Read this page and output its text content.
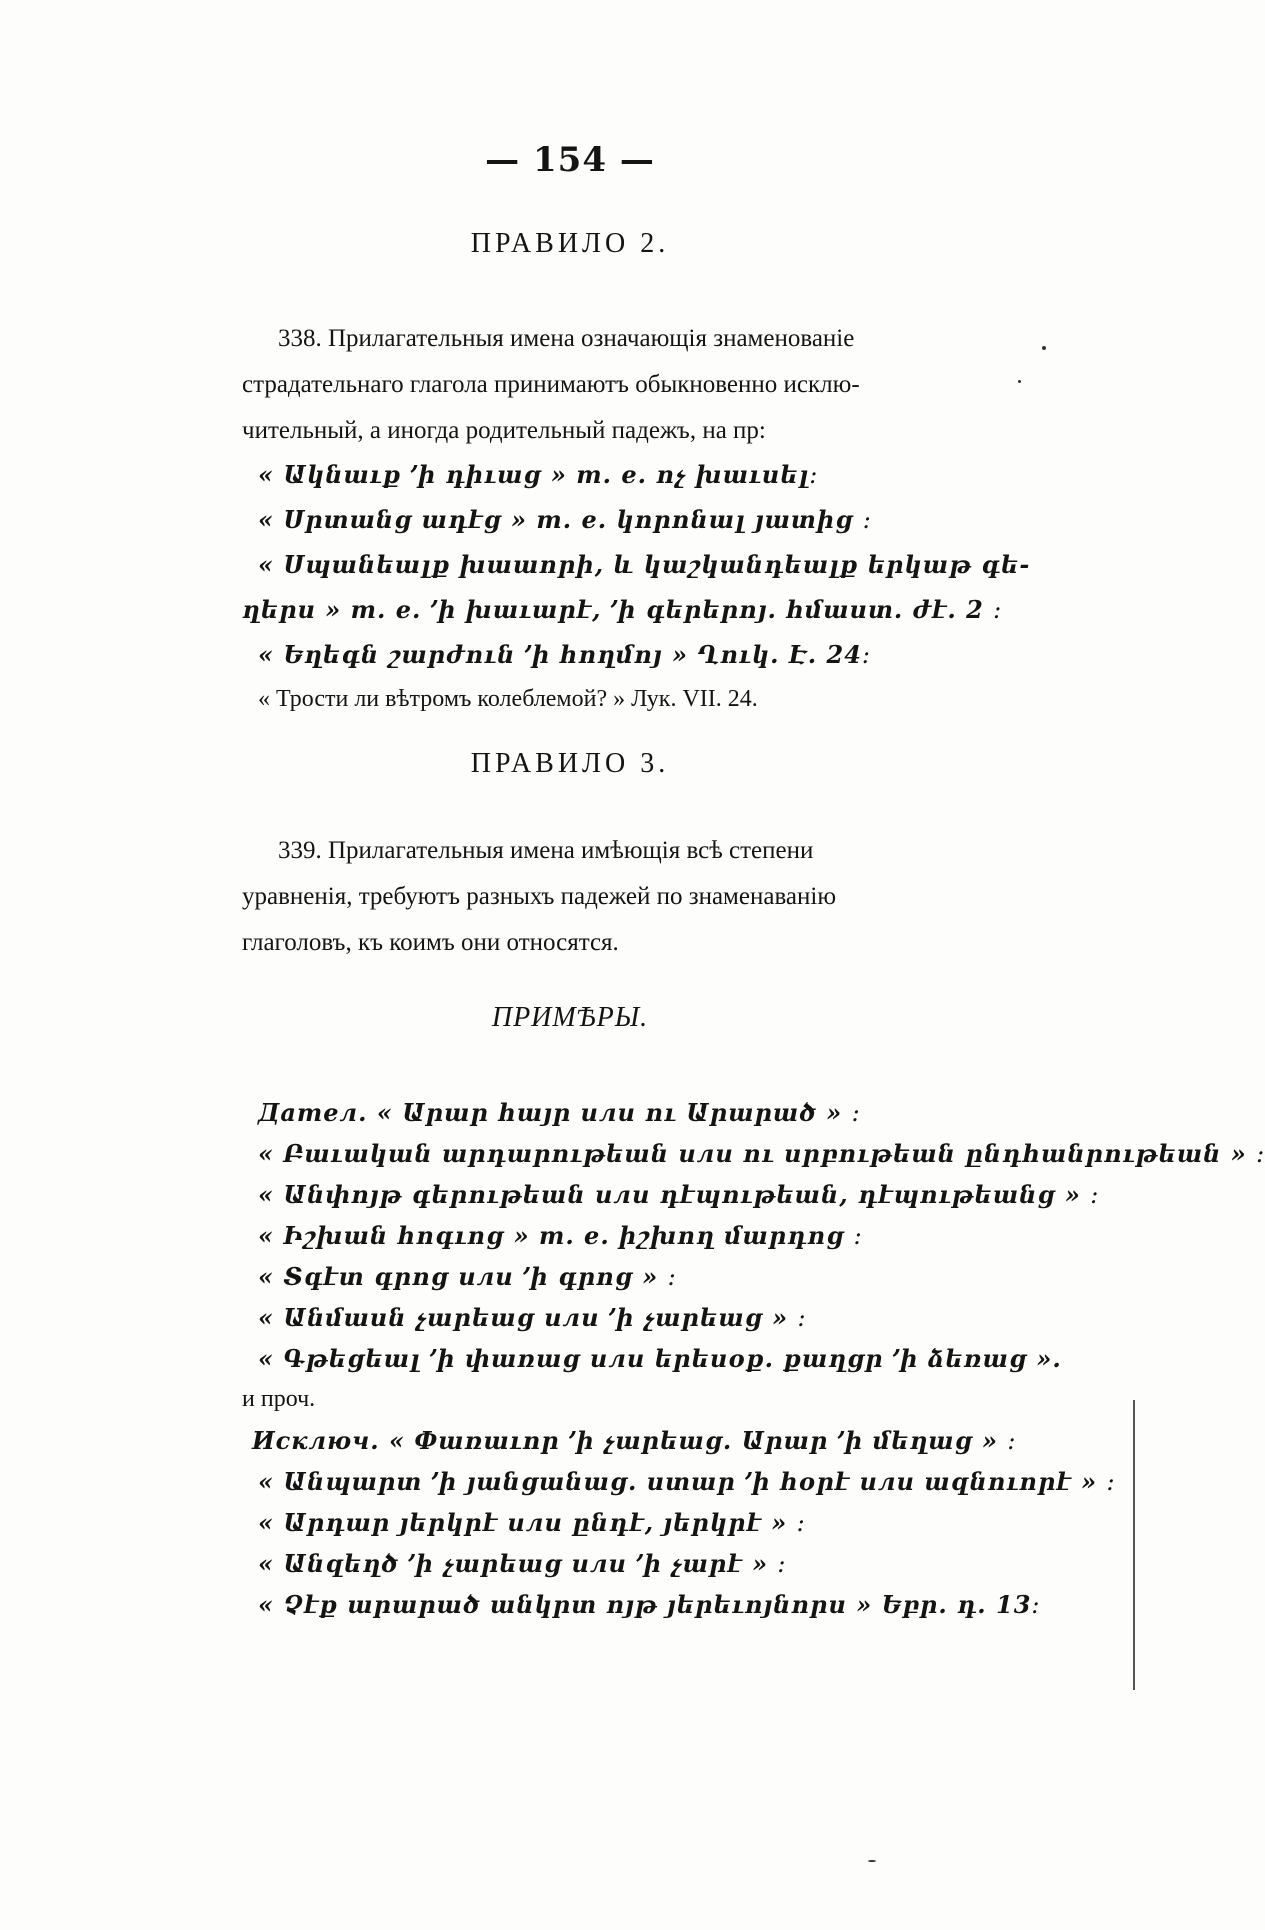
— 154 —
ПРАВИЛО 2.
338. Прилагательныя имена означающія знаменованіе
страдательнаго глагола принимаютъ обыкновенно исклю-
чительный, а иногда родительный падежъ, на пр:
« Ակնաւք ՚ի դիւաց » т. е. ոչ խաւսել։
« Սրտանց ադէց » т. е. կորոնալ յատից ։
« Սպանեալք խաաորի, և կաշկանդեալք երկաթ գե-
ղերս » т. е. ՚ի խաւարէ, ՚ի գերերոյ. հմաստ. ժէ. 2 ։
« Եղեգն շարժուն ՚ի հողմոյ » Ղուկ. Է. 24։
« Трости ли вѣтромъ колеблемой? » Лук. VII. 24.
ПРАВИЛО 3.
339. Прилагательныя имена имѣющія всѣ степени
уравненія, требуютъ разныхъ падежей по знаменаванію
глаголовъ, къ коимъ они относятся.
ПРИМѢРЫ.
Дател. « Արար հայր или ու Արարած » ։
« Բաւական արդարութեան или ու սրբութեան ընդհանրութեան » ։
« Անփոյթ գերութեան или դէպութեան, դէպութեանց » ։
« Իշխան հոգւոց » т. е. իշխող մարդոց ։
« Տգէտ գրոց или ՚ի գրոց » ։
« Անմասն չարեաց или ՚ի չարեաց » ։
« Գթեցեալ ՚ի փառաց или երեսօք. քաղցր ՚ի ձեռաց ».
и проч.
Исключ. « Փառաւոր ՚ի չարեաց. Արար ՚ի մեղաց » ։
« Անպարտ ՚ի յանցանաց. ստար ՚ի հօրէ или ազնուորէ » ։
« Արդար յերկրէ или ընդէ, յերկրէ » ։
« Անզեղծ ՚ի չարեաց или ՚ի չարէ » ։
« Չէք արարած անկրտ ոյթ յերեւոյնորս » Եբր. դ. 13։
